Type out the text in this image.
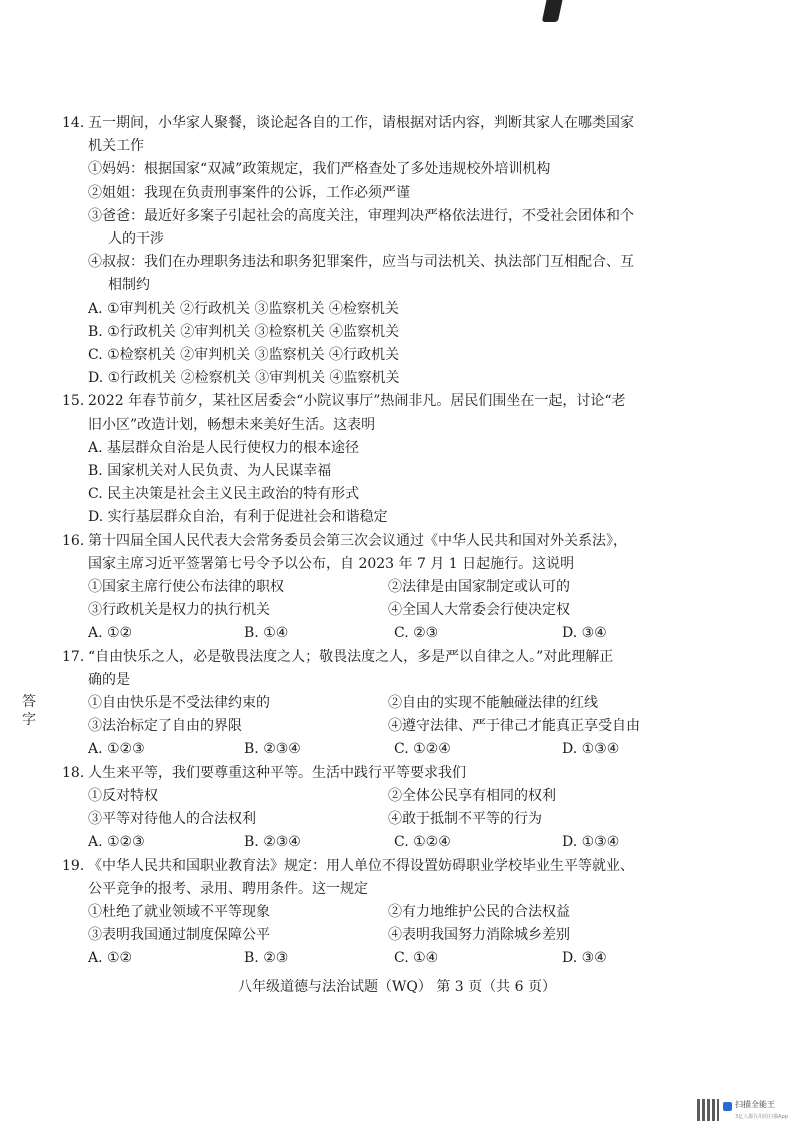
答
字
14. 五一期间，小华家人聚餐，谈论起各自的工作，请根据对话内容，判断其家人在哪类国家
机关工作
①妈妈：根据国家“双减”政策规定，我们严格查处了多处违规校外培训机构
②姐姐：我现在负责刑事案件的公诉，工作必须严谨
③爸爸：最近好多案子引起社会的高度关注，审理判决严格依法进行，不受社会团体和个
人的干涉
④叔叔：我们在办理职务违法和职务犯罪案件，应当与司法机关、执法部门互相配合、互
相制约
A. ①审判机关 ②行政机关 ③监察机关 ④检察机关
B. ①行政机关 ②审判机关 ③检察机关 ④监察机关
C. ①检察机关 ②审判机关 ③监察机关 ④行政机关
D. ①行政机关 ②检察机关 ③审判机关 ④监察机关
15. 2022 年春节前夕，某社区居委会“小院议事厅”热闹非凡。居民们围坐在一起，讨论“老
旧小区”改造计划，畅想未来美好生活。这表明
A. 基层群众自治是人民行使权力的根本途径
B. 国家机关对人民负责、为人民谋幸福
C. 民主决策是社会主义民主政治的特有形式
D. 实行基层群众自治，有利于促进社会和谐稳定
16. 第十四届全国人民代表大会常务委员会第三次会议通过《中华人民共和国对外关系法》，
国家主席习近平签署第七号令予以公布，自 2023 年 7 月 1 日起施行。这说明
①国家主席行使公布法律的职权	②法律是由国家制定或认可的
③行政机关是权力的执行机关	④全国人大常委会行使决定权
A. ①②	B. ①④	C. ②③	D. ③④
17. “自由快乐之人，必是敬畏法度之人；敬畏法度之人，多是严以自律之人。”对此理解正
确的是
①自由快乐是不受法律约束的	②自由的实现不能触碰法律的红线
③法治标定了自由的界限	④遵守法律、严于律己才能真正享受自由
A. ①②③	B. ②③④	C. ①②④	D. ①③④
18. 人生来平等，我们要尊重这种平等。生活中践行平等要求我们
①反对特权	②全体公民享有相同的权利
③平等对待他人的合法权利	④敢于抵制不平等的行为
A. ①②③	B. ②③④	C. ①②④	D. ①③④
19. 《中华人民共和国职业教育法》规定：用人单位不得设置妨碍职业学校毕业生平等就业、
公平竞争的报考、录用、聘用条件。这一规定
①杜绝了就业领域不平等现象	②有力地维护公民的合法权益
③表明我国通过制度保障公平	④表明我国努力消除城乡差别
A. ①②	B. ②③	C. ①④	D. ③④
八年级道德与法治试题（WQ） 第 3 页（共 6 页）
扫描全能王
3亿人都在用的扫描App
